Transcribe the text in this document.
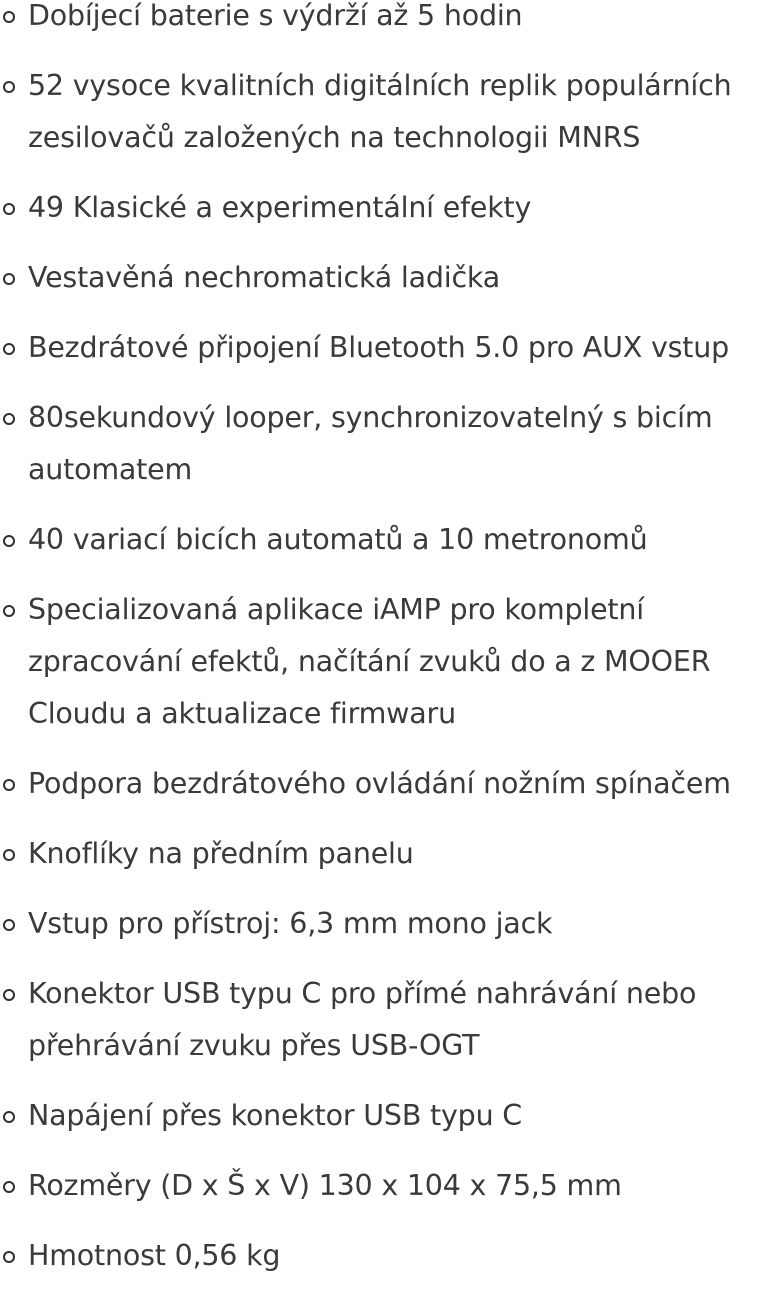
Dobíjecí baterie s výdrží až 5 hodin
52 vysoce kvalitních digitálních replik populárních
zesilovačů založených na technologii MNRS
49 Klasické a experimentální efekty
Vestavěná nechromatická ladička
Bezdrátové připojení Bluetooth 5.0 pro AUX vstup
80sekundový looper, synchronizovatelný s bicím
automatem
40 variací bicích automatů a 10 metronomů
Specializovaná aplikace iAMP pro kompletní
zpracování efektů, načítání zvuků do a z MOOER
Cloudu a aktualizace firmwaru
Podpora bezdrátového ovládání nožním spínačem
Knoflíky na předním panelu
Vstup pro přístroj: 6,3 mm mono jack
Konektor USB typu C pro přímé nahrávání nebo
přehrávání zvuku přes USB-OGT
Napájení přes konektor USB typu C
Rozměry (D x Š x V) 130 x 104 x 75,5 mm
Hmotnost 0,56 kg
